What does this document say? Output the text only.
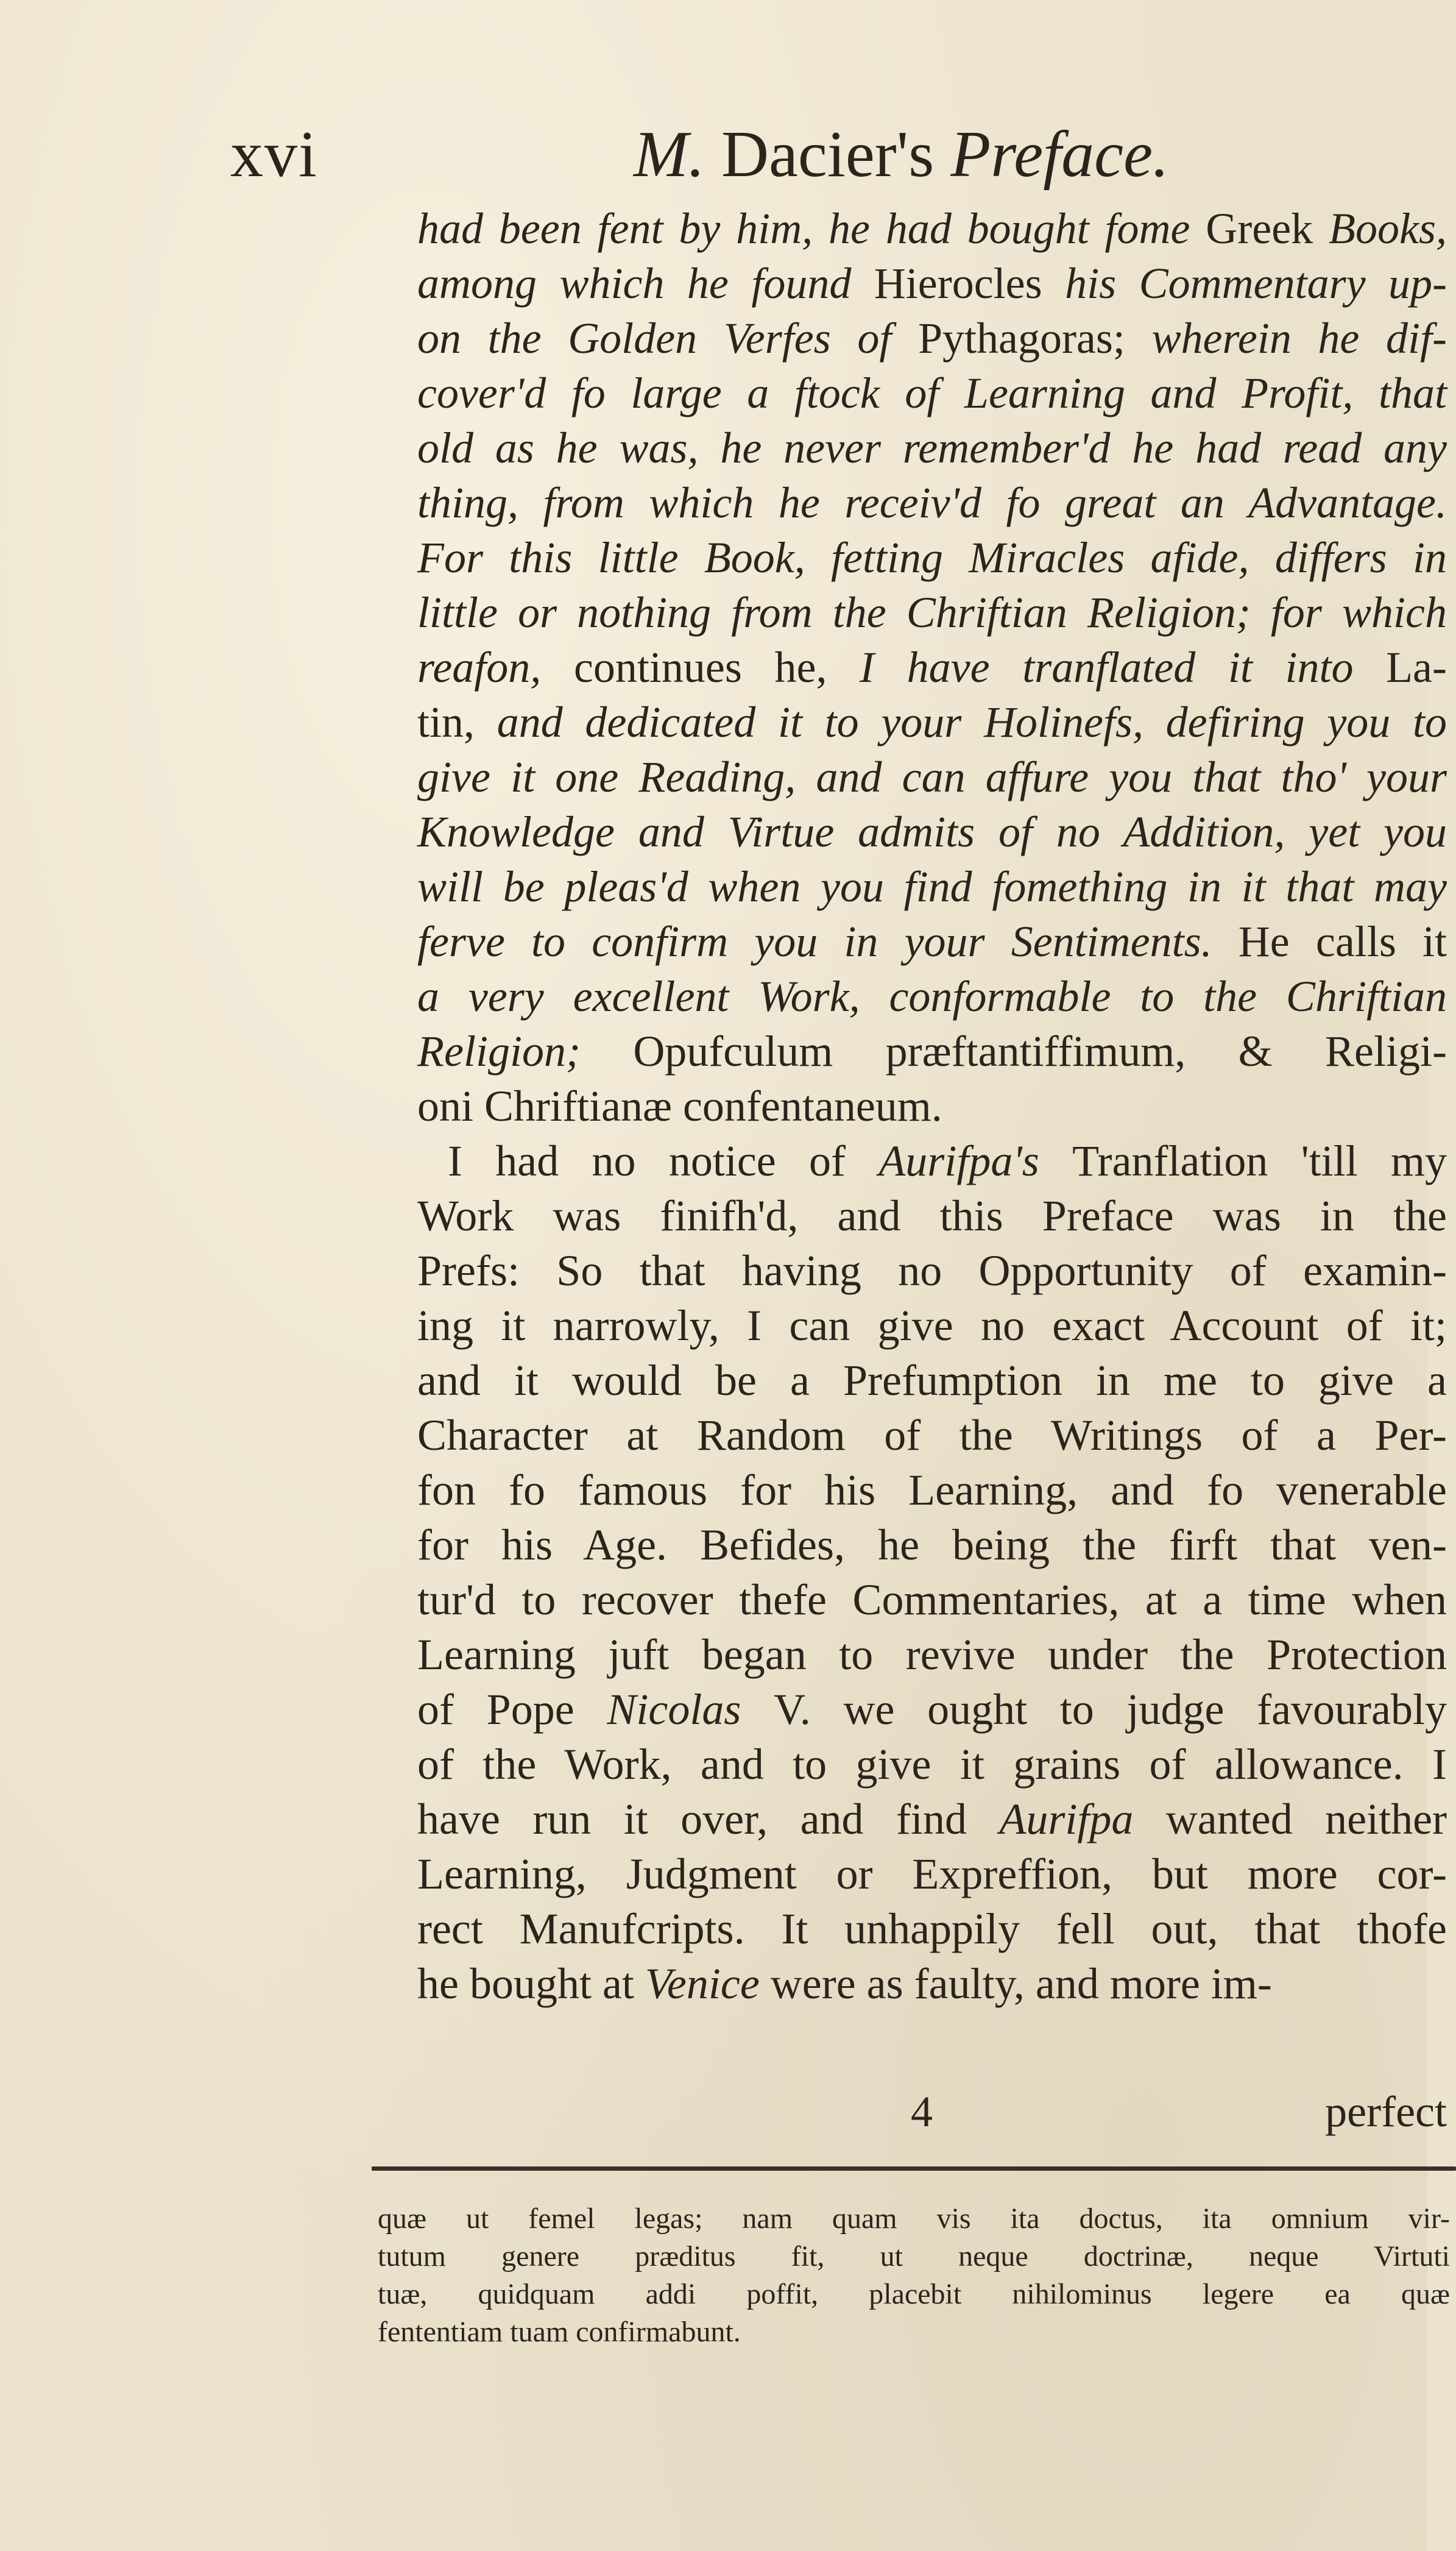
xvi	M. Dacier's Preface.
had been fent by him, he had bought fome Greek Books,
among which he found Hierocles his Commentary up-
on the Golden Verfes of Pythagoras; wherein he dif-
cover'd fo large a ftock of Learning and Profit, that
old as he was, he never remember'd he had read any
thing, from which he receiv'd fo great an Advantage.
For this little Book, fetting Miracles afide, differs in
little or nothing from the Chriftian Religion; for which
reafon, continues he, I have tranflated it into La-
tin, and dedicated it to your Holinefs, defiring you to
give it one Reading, and can affure you that tho' your
Knowledge and Virtue admits of no Addition, yet you
will be pleas'd when you find fomething in it that may
ferve to confirm you in your Sentiments. He calls it
a very excellent Work, conformable to the Chriftian
Religion; Opufculum præftantiffimum, & Religi-
oni Chriftianæ confentaneum.
I had no notice of Aurifpa's Tranflation 'till my
Work was finifh'd, and this Preface was in the
Prefs: So that having no Opportunity of examin-
ing it narrowly, I can give no exact Account of it;
and it would be a Prefumption in me to give a
Character at Random of the Writings of a Per-
fon fo famous for his Learning, and fo venerable
for his Age. Befides, he being the firft that ven-
tur'd to recover thefe Commentaries, at a time when
Learning juft began to revive under the Protection
of Pope Nicolas V. we ought to judge favourably
of the Work, and to give it grains of allowance. I
have run it over, and find Aurifpa wanted neither
Learning, Judgment or Expreffion, but more cor-
rect Manufcripts. It unhappily fell out, that thofe
he bought at Venice were as faulty, and more im-
4	perfect
quæ ut femel legas; nam quam vis ita doctus, ita omnium vir-
tutum genere præditus fit, ut neque doctrinæ, neque Virtuti
tuæ, quidquam addi poffit, placebit nihilominus legere ea quæ
fententiam tuam confirmabunt.
